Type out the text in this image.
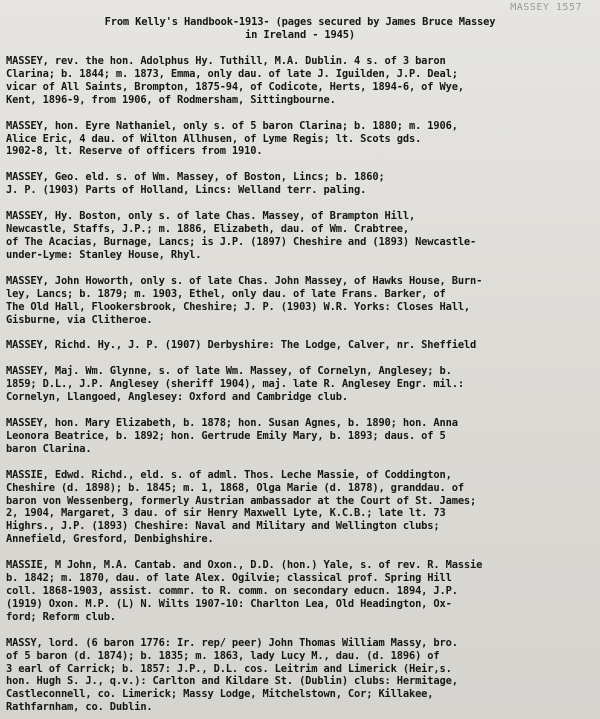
MASSEY 1557
From Kelly's Handbook-1913- (pages secured by James Bruce Massey
in Ireland - 1945)
MASSEY, rev. the hon. Adolphus Hy. Tuthill, M.A. Dublin. 4 s. of 3 baron
Clarina; b. 1844; m. 1873, Emma, only dau. of late J. Iguilden, J.P. Deal;
vicar of All Saints, Brompton, 1875-94, of Codicote, Herts, 1894-6, of Wye,
Kent, 1896-9, from 1906, of Rodmersham, Sittingbourne.
MASSEY, hon. Eyre Nathaniel, only s. of 5 baron Clarina; b. 1880; m. 1906,
Alice Eric, 4 dau. of Wilton Allhusen, of Lyme Regis; lt. Scots gds.
1902-8, lt. Reserve of officers from 1910.
MASSEY, Geo. eld. s. of Wm. Massey, of Boston, Lincs; b. 1860;
J. P. (1903) Parts of Holland, Lincs: Welland terr. paling.
MASSEY, Hy. Boston, only s. of late Chas. Massey, of Brampton Hill,
Newcastle, Staffs, J.P.; m. 1886, Elizabeth, dau. of Wm. Crabtree,
of The Acacias, Burnage, Lancs; is J.P. (1897) Cheshire and (1893) Newcastle-
under-Lyme: Stanley House, Rhyl.
MASSEY, John Howorth, only s. of late Chas. John Massey, of Hawks House, Burn-
ley, Lancs; b. 1879; m. 1903, Ethel, only dau. of late Frans. Barker, of
The Old Hall, Flookersbrook, Cheshire; J. P. (1903) W.R. Yorks: Closes Hall,
Gisburne, via Clitheroe.
MASSEY, Richd. Hy., J. P. (1907) Derbyshire: The Lodge, Calver, nr. Sheffield
MASSEY, Maj. Wm. Glynne, s. of late Wm. Massey, of Cornelyn, Anglesey; b.
1859; D.L., J.P. Anglesey (sheriff 1904), maj. late R. Anglesey Engr. mil.:
Cornelyn, Llangoed, Anglesey: Oxford and Cambridge club.
MASSEY, hon. Mary Elizabeth, b. 1878; hon. Susan Agnes, b. 1890; hon. Anna
Leonora Beatrice, b. 1892; hon. Gertrude Emily Mary, b. 1893; daus. of 5
baron Clarina.
MASSIE, Edwd. Richd., eld. s. of adml. Thos. Leche Massie, of Coddington,
Cheshire (d. 1898); b. 1845; m. 1, 1868, Olga Marie (d. 1878), granddau. of
baron von Wessenberg, formerly Austrian ambassador at the Court of St. James;
2, 1904, Margaret, 3 dau. of sir Henry Maxwell Lyte, K.C.B.; late lt. 73
Highrs., J.P. (1893) Cheshire: Naval and Military and Wellington clubs;
Annefield, Gresford, Denbighshire.
MASSIE, M John, M.A. Cantab. and Oxon., D.D. (hon.) Yale, s. of rev. R. Massie
b. 1842; m. 1870, dau. of late Alex. Ogilvie; classical prof. Spring Hill
coll. 1868-1903, assist. commr. to R. comm. on secondary educn. 1894, J.P.
(1919) Oxon. M.P. (L) N. Wilts 1907-10: Charlton Lea, Old Headington, Ox-
ford; Reform club.
MASSY, lord. (6 baron 1776: Ir. rep/ peer) John Thomas William Massy, bro.
of 5 baron (d. 1874); b. 1835; m. 1863, lady Lucy M., dau. (d. 1896) of
3 earl of Carrick; b. 1857: J.P., D.L. cos. Leitrim and Limerick (Heir,s.
hon. Hugh S. J., q.v.): Carlton and Kildare St. (Dublin) clubs: Hermitage,
Castleconnell, co. Limerick; Massy Lodge, Mitchelstown, Cor; Killakee,
Rathfarnham, co. Dublin.
